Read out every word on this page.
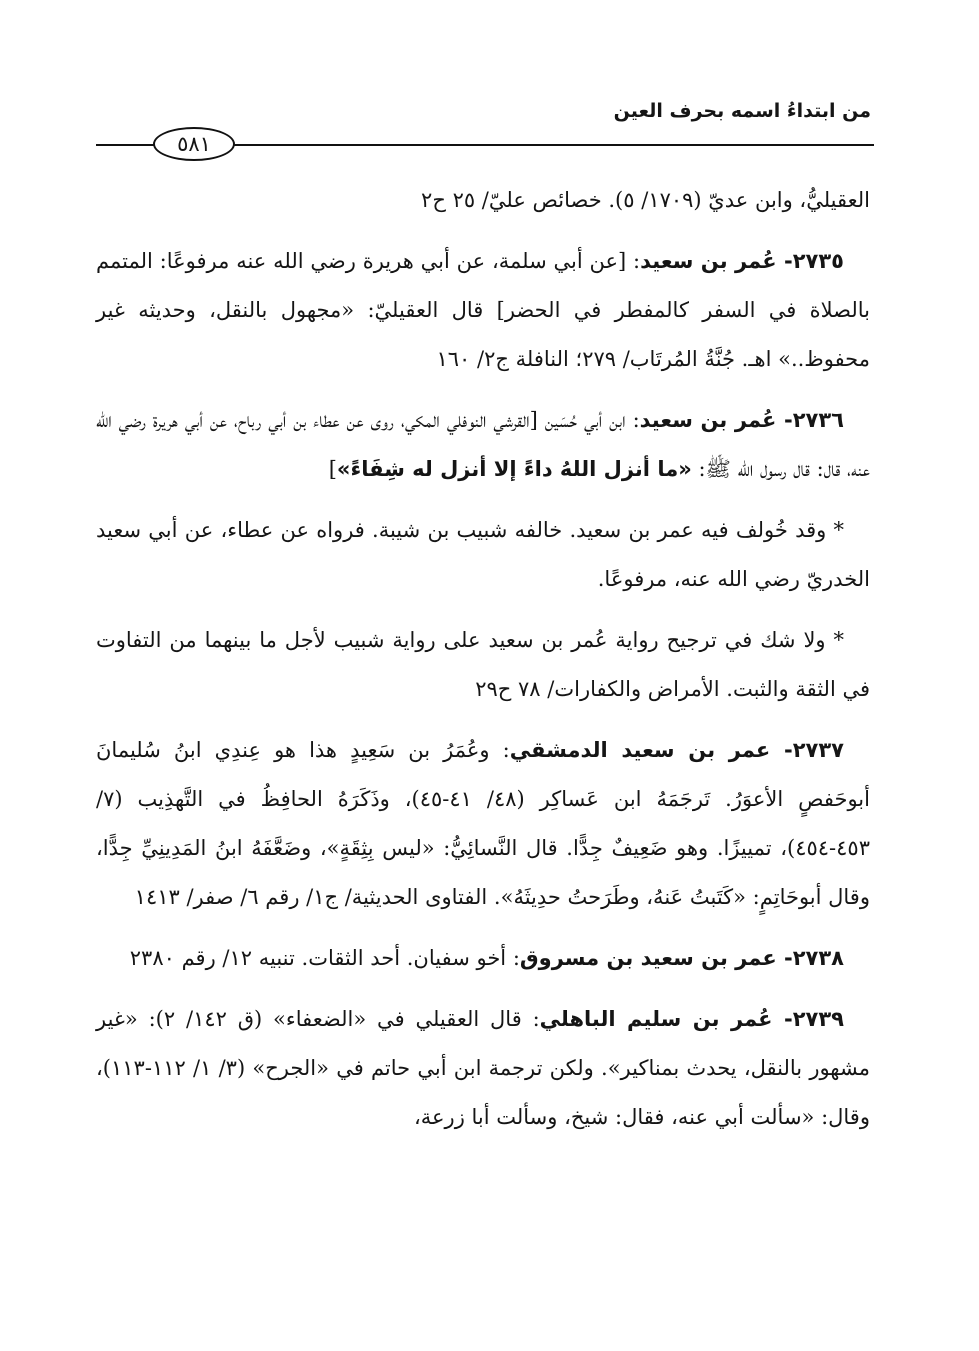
من ابتداءُ اسمه بحرف العين
٥٨١

العقيليُّ، وابن عديّ (١٧٠٩/ ٥). خصائص عليّ/ ٢٥ ح٢

٢٧٣٥- عُمر بن سعيد: [عن أبي سلمة، عن أبي هريرة رضي الله عنه مرفوعًا: المتمم بالصلاة في السفر كالمفطر في الحضر] قال العقيليّ: «مجهول بالنقل، وحديثه غير محفوظ..» اهـ. جُنَّةُ المُرتَاب/ ٢٧٩؛ النافلة ج٢/ ١٦٠

٢٧٣٦- عُمر بن سعيد: ابن أبي حُسَين [القرشي النوفلي المكي، روى عن عطاء بن أبي رباح، عن أبي هريرة رضي الله عنه، قال: قال رسول الله ﷺ: «ما أنزل اللهُ داءً إلا أنزل له شِفَاءً»]

* وقد خُولف فيه عمر بن سعيد. خالفه شبيب بن شيبة. فرواه عن عطاء، عن أبي سعيد الخدريّ رضي الله عنه، مرفوعًا.

* ولا شك في ترجيح رواية عُمر بن سعيد على رواية شبيب لأجل ما بينهما من التفاوت في الثقة والثبت. الأمراض والكفارات/ ٧٨ ح٢٩

٢٧٣٧- عمر بن سعيد الدمشقي: وعُمَرُ بن سَعِيدٍ هذا هو عِندِي ابنُ سُليمانَ أبوحَفصٍ الأعوَرُ. تَرجَمَهُ ابن عَساكِر (٤٨/ ٤١-٤٥)، وذَكَرَهُ الحافِظُ في التَّهذِيب (٧/ ٤٥٣-٤٥٤)، تمييزًا. وهو ضَعِيفٌ جِدًّا. قال النَّسائِيُّ: «ليس بِثِقَةٍ»، وضَعَّفَهُ ابنُ المَدِينِيِّ جِدًّا، وقال أبوحَاتِمٍ: «كَتَبتُ عَنهُ، وطَرَحتُ حدِيثَهُ». الفتاوى الحديثية/ ج١/ رقم ٦/ صفر/ ١٤١٣

٢٧٣٨- عمر بن سعيد بن مسروق: أخو سفيان. أحد الثقات. تنبيه ١٢/ رقم ٢٣٨٠

٢٧٣٩- عُمر بن سليم الباهلي: قال العقيلي في «الضعفاء» (ق ١٤٢/ ٢): «غير مشهور بالنقل، يحدث بمناكير». ولكن ترجمة ابن أبي حاتم في «الجرح» (٣/ ١/ ١١٢-١١٣)، وقال: «سألت أبي عنه، فقال: شيخ، وسألت أبا زرعة،
